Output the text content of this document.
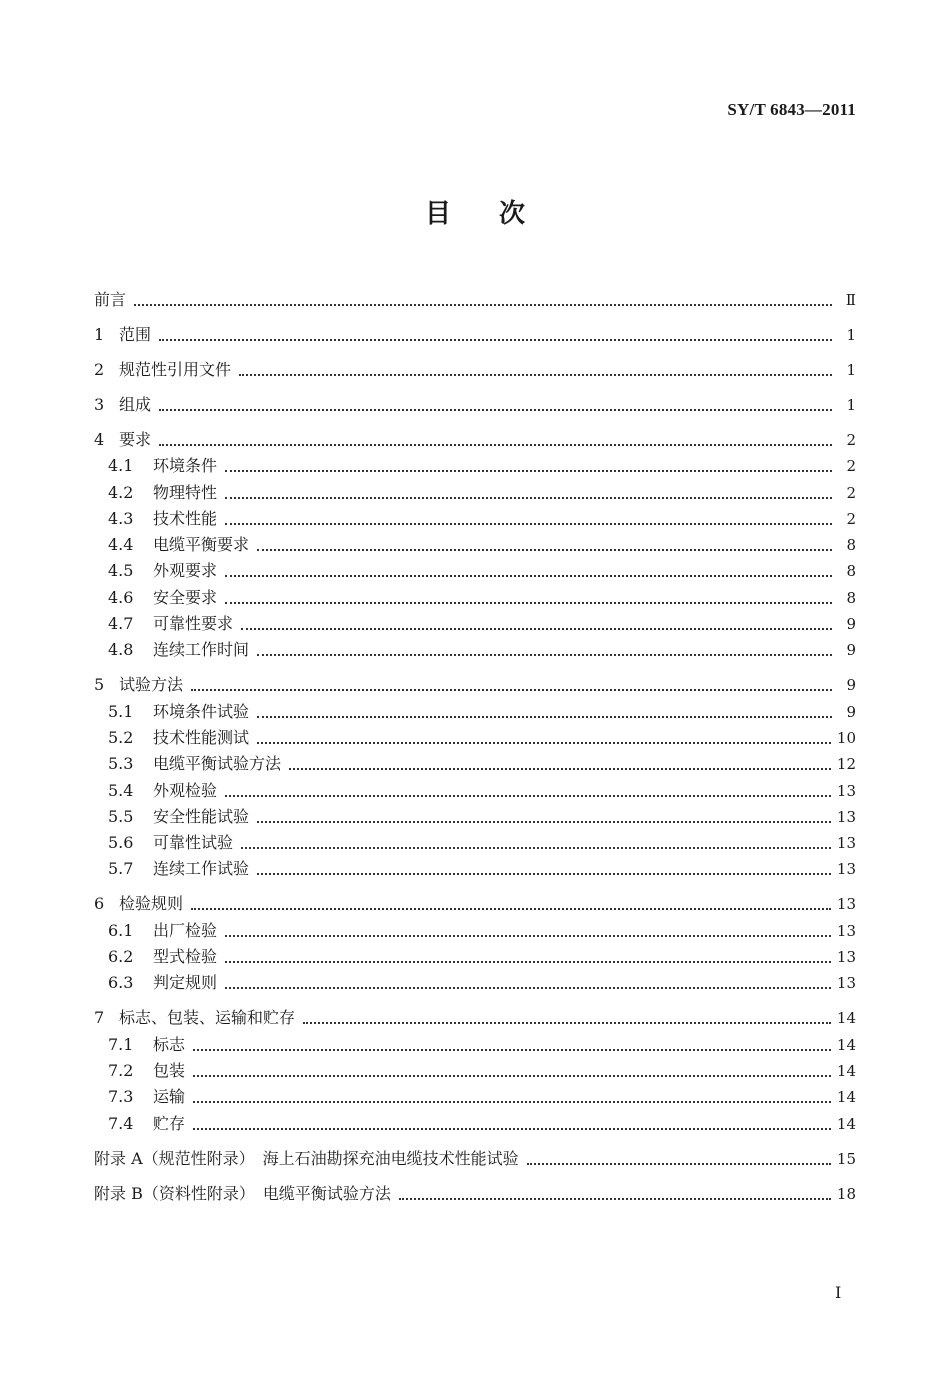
SY/T 6843—2011
目次
前言	Ⅱ
1 范围	1
2 规范性引用文件	1
3 组成	1
4 要求	2
4.1	环境条件	2
4.2	物理特性	2
4.3	技术性能	2
4.4	电缆平衡要求	8
4.5	外观要求	8
4.6	安全要求	8
4.7	可靠性要求	9
4.8	连续工作时间	9
5 试验方法	9
5.1	环境条件试验	9
5.2	技术性能测试	10
5.3	电缆平衡试验方法	12
5.4	外观检验	13
5.5	安全性能试验	13
5.6	可靠性试验	13
5.7	连续工作试验	13
6 检验规则	13
6.1	出厂检验	13
6.2	型式检验	13
6.3	判定规则	13
7 标志、包装、运输和贮存	14
7.1	标志	14
7.2	包装	14
7.3	运输	14
7.4	贮存	14
附录 A（规范性附录）　海上石油勘探充油电缆技术性能试验	15
附录 B（资料性附录）　电缆平衡试验方法	18
I
